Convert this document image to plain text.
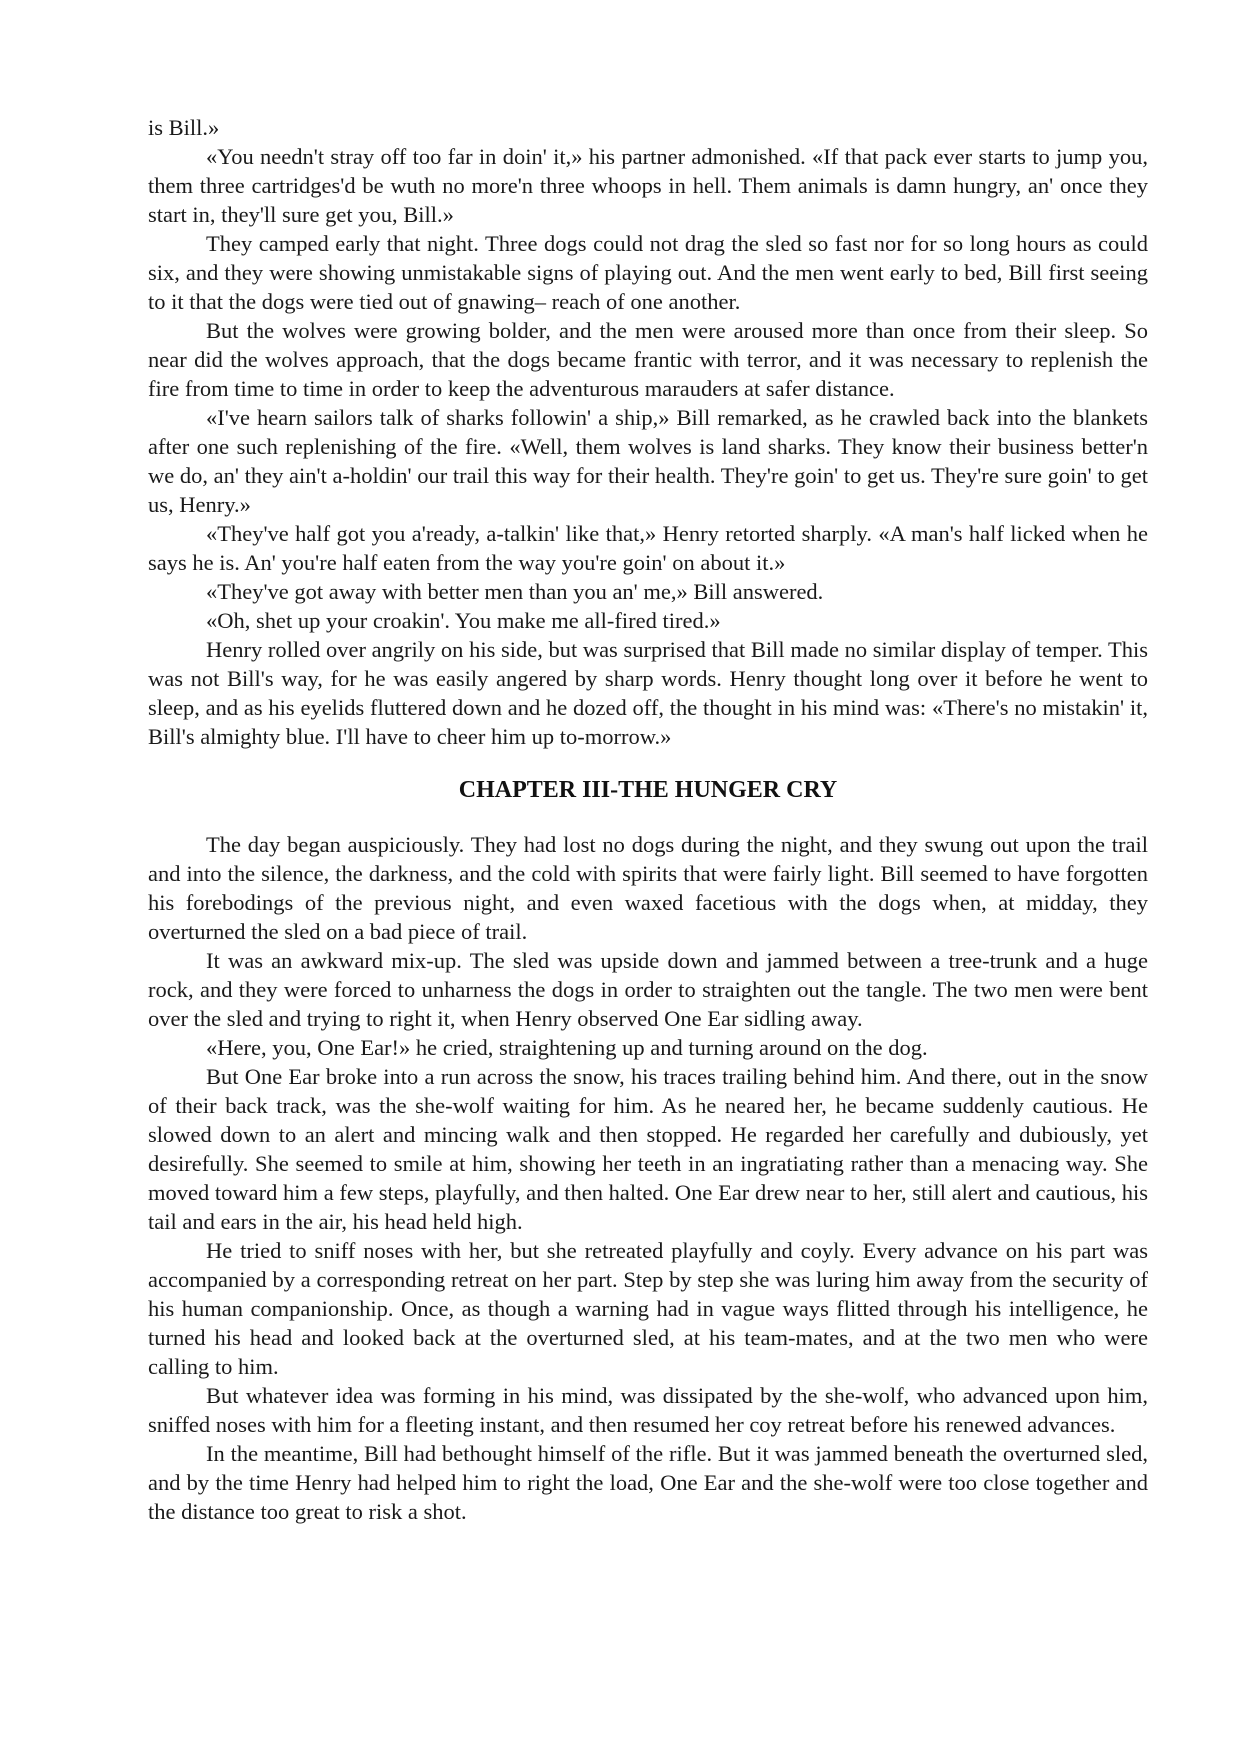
is Bill.»

«You needn't stray off too far in doin' it,» his partner admonished. «If that pack ever starts to jump you, them three cartridges'd be wuth no more'n three whoops in hell. Them animals is damn hungry, an' once they start in, they'll sure get you, Bill.»

They camped early that night. Three dogs could not drag the sled so fast nor for so long hours as could six, and they were showing unmistakable signs of playing out. And the men went early to bed, Bill first seeing to it that the dogs were tied out of gnawing– reach of one another.

But the wolves were growing bolder, and the men were aroused more than once from their sleep. So near did the wolves approach, that the dogs became frantic with terror, and it was necessary to replenish the fire from time to time in order to keep the adventurous marauders at safer distance.

«I've hearn sailors talk of sharks followin' a ship,» Bill remarked, as he crawled back into the blankets after one such replenishing of the fire. «Well, them wolves is land sharks. They know their business better'n we do, an' they ain't a-holdin' our trail this way for their health. They're goin' to get us. They're sure goin' to get us, Henry.»

«They've half got you a'ready, a-talkin' like that,» Henry retorted sharply. «A man's half licked when he says he is. An' you're half eaten from the way you're goin' on about it.»

«They've got away with better men than you an' me,» Bill answered.

«Oh, shet up your croakin'. You make me all-fired tired.»

Henry rolled over angrily on his side, but was surprised that Bill made no similar display of temper. This was not Bill's way, for he was easily angered by sharp words. Henry thought long over it before he went to sleep, and as his eyelids fluttered down and he dozed off, the thought in his mind was: «There's no mistakin' it, Bill's almighty blue. I'll have to cheer him up to-morrow.»

CHAPTER III-THE HUNGER CRY

The day began auspiciously. They had lost no dogs during the night, and they swung out upon the trail and into the silence, the darkness, and the cold with spirits that were fairly light. Bill seemed to have forgotten his forebodings of the previous night, and even waxed facetious with the dogs when, at midday, they overturned the sled on a bad piece of trail.

It was an awkward mix-up. The sled was upside down and jammed between a tree-trunk and a huge rock, and they were forced to unharness the dogs in order to straighten out the tangle. The two men were bent over the sled and trying to right it, when Henry observed One Ear sidling away.

«Here, you, One Ear!» he cried, straightening up and turning around on the dog.

But One Ear broke into a run across the snow, his traces trailing behind him. And there, out in the snow of their back track, was the she-wolf waiting for him. As he neared her, he became suddenly cautious. He slowed down to an alert and mincing walk and then stopped. He regarded her carefully and dubiously, yet desirefully. She seemed to smile at him, showing her teeth in an ingratiating rather than a menacing way. She moved toward him a few steps, playfully, and then halted. One Ear drew near to her, still alert and cautious, his tail and ears in the air, his head held high.

He tried to sniff noses with her, but she retreated playfully and coyly. Every advance on his part was accompanied by a corresponding retreat on her part. Step by step she was luring him away from the security of his human companionship. Once, as though a warning had in vague ways flitted through his intelligence, he turned his head and looked back at the overturned sled, at his team-mates, and at the two men who were calling to him.

But whatever idea was forming in his mind, was dissipated by the she-wolf, who advanced upon him, sniffed noses with him for a fleeting instant, and then resumed her coy retreat before his renewed advances.

In the meantime, Bill had bethought himself of the rifle. But it was jammed beneath the overturned sled, and by the time Henry had helped him to right the load, One Ear and the she-wolf were too close together and the distance too great to risk a shot.
